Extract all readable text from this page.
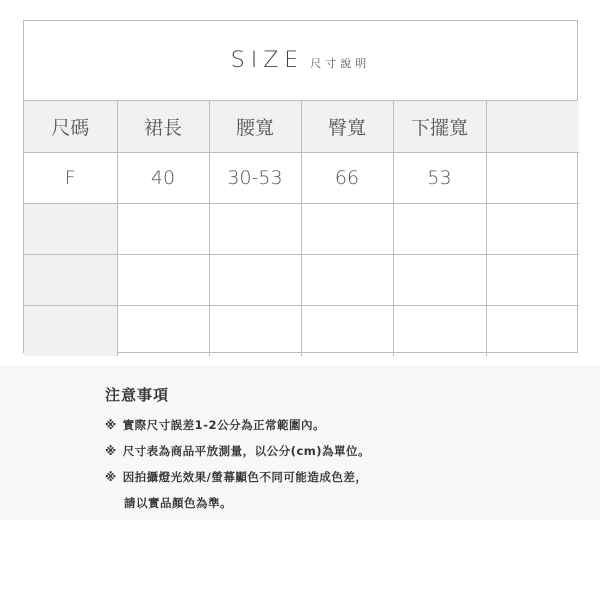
SIZE 尺寸說明
尺碼	裙長	腰寬	臀寬	下擺寬	
F	40	30-53	66	53	

注意事項
※ 實際尺寸誤差1-2公分為正常範圍內。
※ 尺寸表為商品平放測量，以公分(cm)為單位。
※ 因拍攝燈光效果/螢幕顯色不同可能造成色差，
請以實品顏色為準。
